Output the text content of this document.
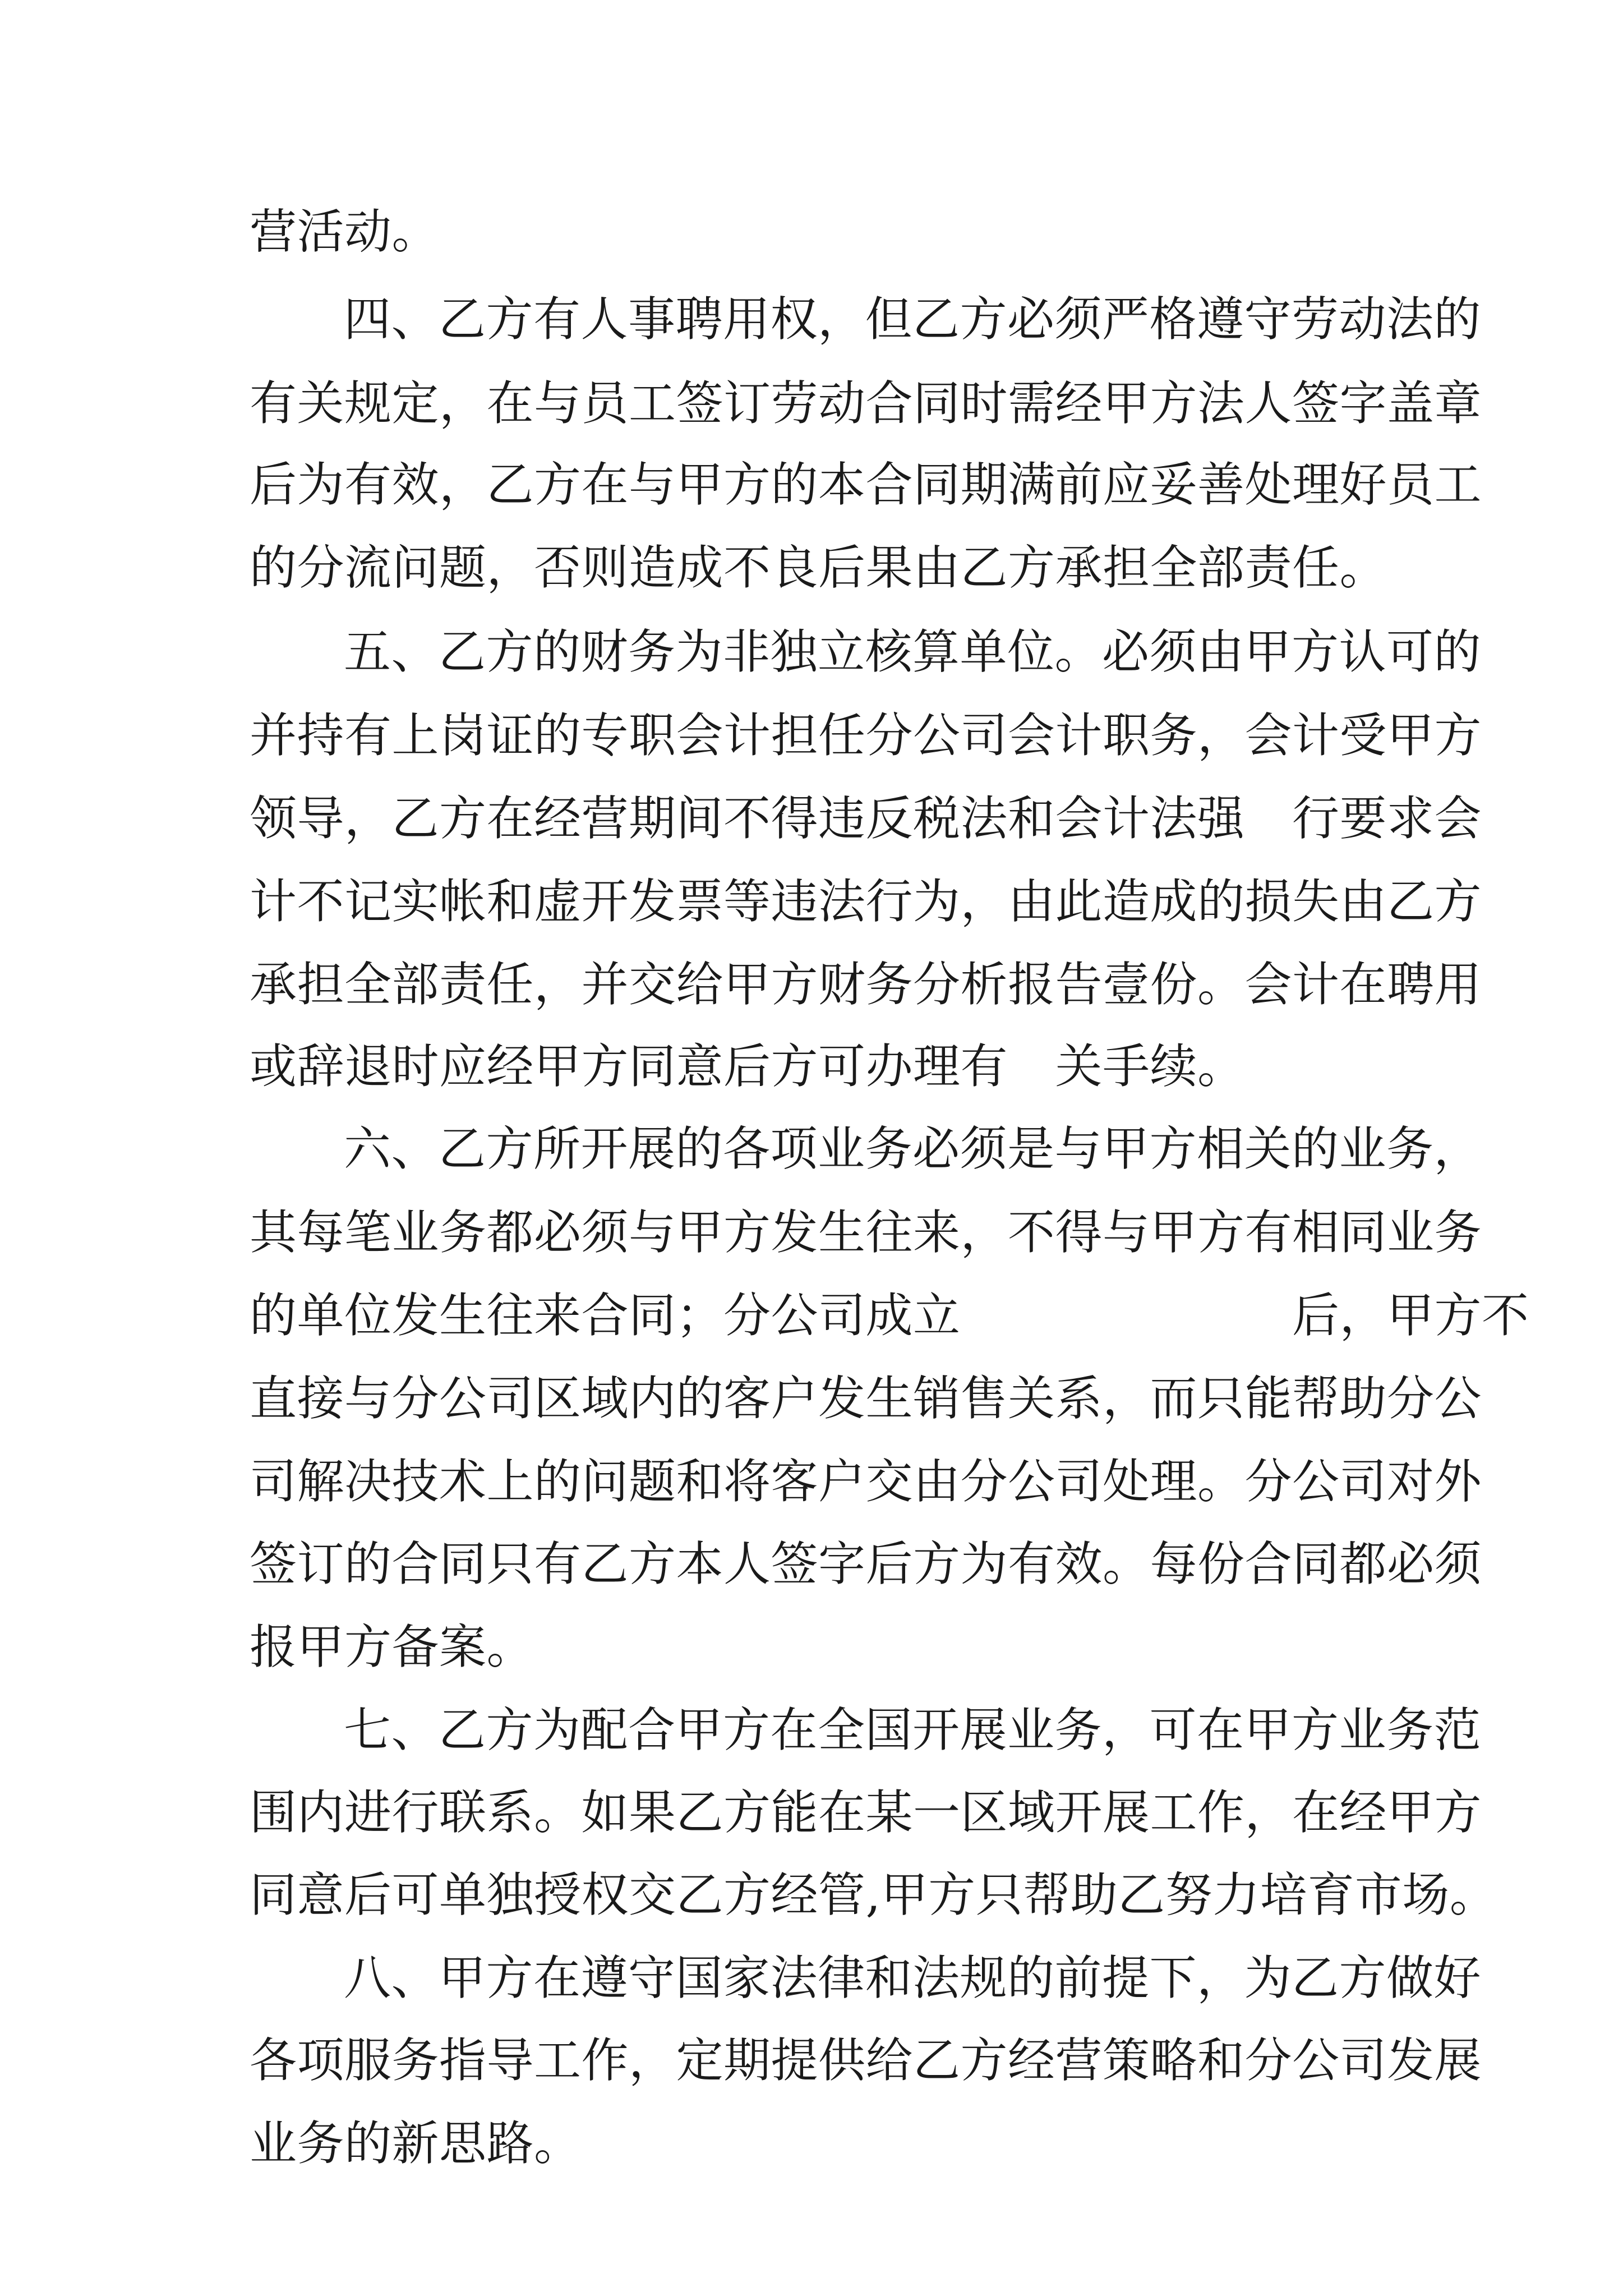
营活动。

四、乙方有人事聘用权，但乙方必须严格遵守劳动法的

有关规定，在与员工签订劳动合同时需经甲方法人签字盖章

后为有效，乙方在与甲方的本合同期满前应妥善处理好员工

的分流问题，否则造成不良后果由乙方承担全部责任。

五、乙方的财务为非独立核算单位。必须由甲方认可的

并持有上岗证的专职会计担任分公司会计职务，会计受甲方

领导，乙方在经营期间不得违反税法和会计法强　行要求会

计不记实帐和虚开发票等违法行为，由此造成的损失由乙方

承担全部责任，并交给甲方财务分析报告壹份。会计在聘用

或辞退时应经甲方同意后方可办理有　关手续。

六、乙方所开展的各项业务必须是与甲方相关的业务，

其每笔业务都必须与甲方发生往来，不得与甲方有相同业务

的单位发生往来合同；分公司成立　　　　　　　后，甲方不

直接与分公司区域内的客户发生销售关系，而只能帮助分公

司解决技术上的问题和将客户交由分公司处理。分公司对外

签订的合同只有乙方本人签字后方为有效。每份合同都必须

报甲方备案。

七、乙方为配合甲方在全国开展业务，可在甲方业务范

围内进行联系。如果乙方能在某一区域开展工作，在经甲方

同意后可单独授权交乙方经管,甲方只帮助乙努力培育市场。

八、甲方在遵守国家法律和法规的前提下，为乙方做好

各项服务指导工作，定期提供给乙方经营策略和分公司发展

业务的新思路。
